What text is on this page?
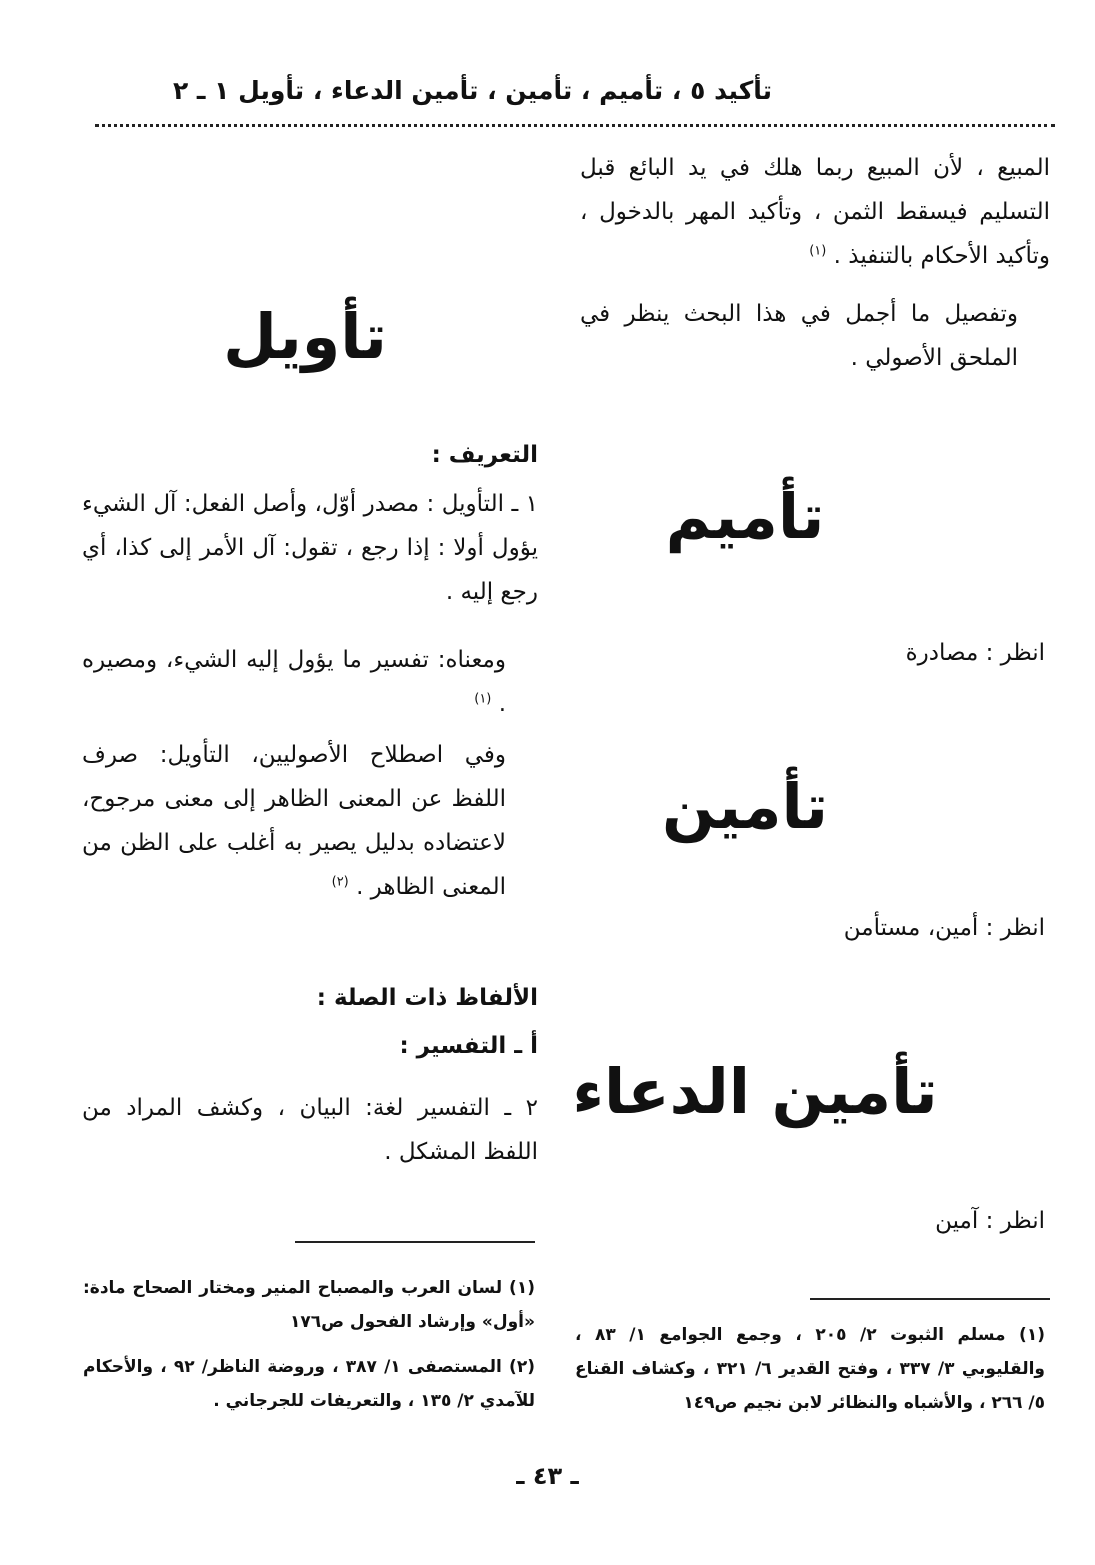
تأكيد ٥ ، تأميم ، تأمين ، تأمين الدعاء ، تأويل ١ ـ ٢
المبيع ، لأن المبيع ربما هلك في يد البائع قبل التسليم فيسقط الثمن ، وتأكيد المهر بالدخول ، وتأكيد الأحكام بالتنفيذ . $^{(١)}$
وتفصيل ما أجمل في هذا البحث ينظر في الملحق الأصولي .
تأميم
انظر : مصادرة
تأمين
انظر : أمين، مستأمن
تأمين الدعاء
انظر : آمين
(١) مسلم الثبوت ٢/ ٢٠٥ ، وجمع الجوامع ١/ ٨٣ ، والقليوبي ٣/ ٣٣٧ ، وفتح القدير ٦/ ٣٢١ ، وكشاف القناع ٥/ ٢٦٦ ، والأشباه والنظائر لابن نجيم ص١٤٩
تأويل
التعريف :
١ ـ التأويل : مصدر أوّل، وأصل الفعل: آل الشيء يؤول أولا : إذا رجع ، تقول: آل الأمر إلى كذا، أي رجع إليه .
ومعناه: تفسير ما يؤول إليه الشيء، ومصيره . $^{(١)}$
وفي اصطلاح الأصوليين، التأويل: صرف اللفظ عن المعنى الظاهر إلى معنى مرجوح، لاعتضاده بدليل يصير به أغلب على الظن من المعنى الظاهر . $^{(٢)}$
الألفاظ ذات الصلة :
أ ـ التفسير :
٢ ـ التفسير لغة: البيان ، وكشف المراد من اللفظ المشكل .
(١) لسان العرب والمصباح المنير ومختار الصحاح مادة: «أول» وإرشاد الفحول ص١٧٦
(٢) المستصفى ١/ ٣٨٧ ، وروضة الناظر/ ٩٢ ، والأحكام للآمدي ٢/ ١٣٥ ، والتعريفات للجرجاني .
ـ ٤٣ ـ
